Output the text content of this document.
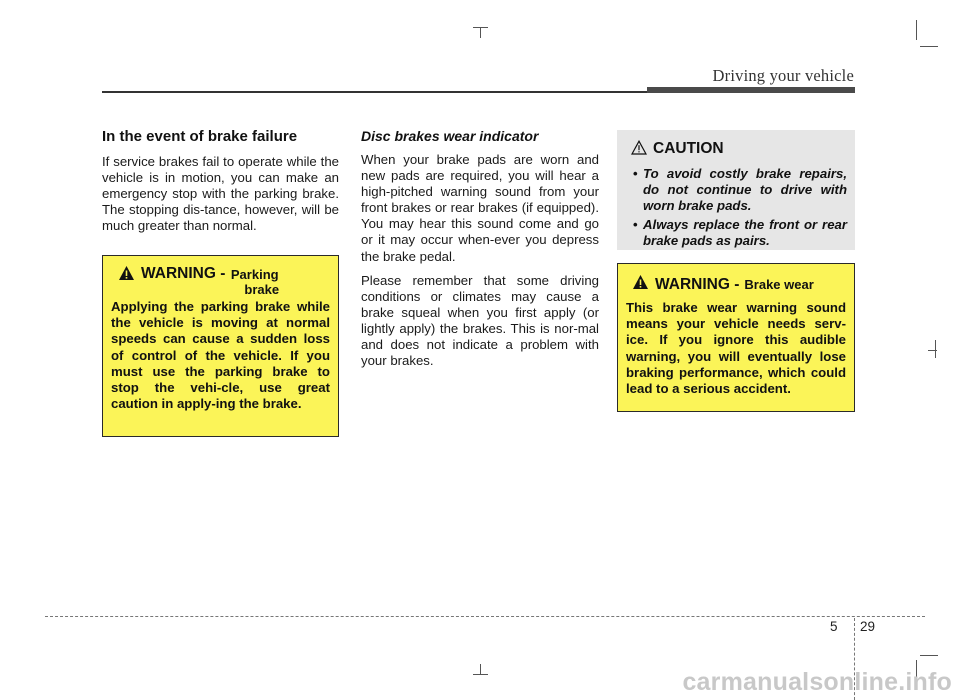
Driving your vehicle
In the event of brake failure

If service brakes fail to operate while the vehicle is in motion, you can make an emergency stop with the parking brake. The stopping dis-tance, however, will be much greater than normal.

WARNING - Parking
brake

Applying the parking brake while the vehicle is moving at normal speeds can cause a sudden loss of control of the vehicle. If you must use the parking brake to stop the vehi-cle, use great caution in apply-ing the brake.

Disc brakes wear indicator

When your brake pads are worn and new pads are required, you will hear a high-pitched warning sound from your front brakes or rear brakes (if equipped). You may hear this sound come and go or it may occur when-ever you depress the brake pedal.

Please remember that some driving conditions or climates may cause a brake squeal when you first apply (or lightly apply) the brakes. This is nor-mal and does not indicate a problem with your brakes.

CAUTION
• To avoid costly brake repairs, do not continue to drive with worn brake pads.
• Always replace the front or rear brake pads as pairs.
WARNING - Brake wear

This brake wear warning sound means your vehicle needs serv-ice. If you ignore this audible warning, you will eventually lose braking performance, which could lead to a serious accident.

5 29
carmanualsonline.info
